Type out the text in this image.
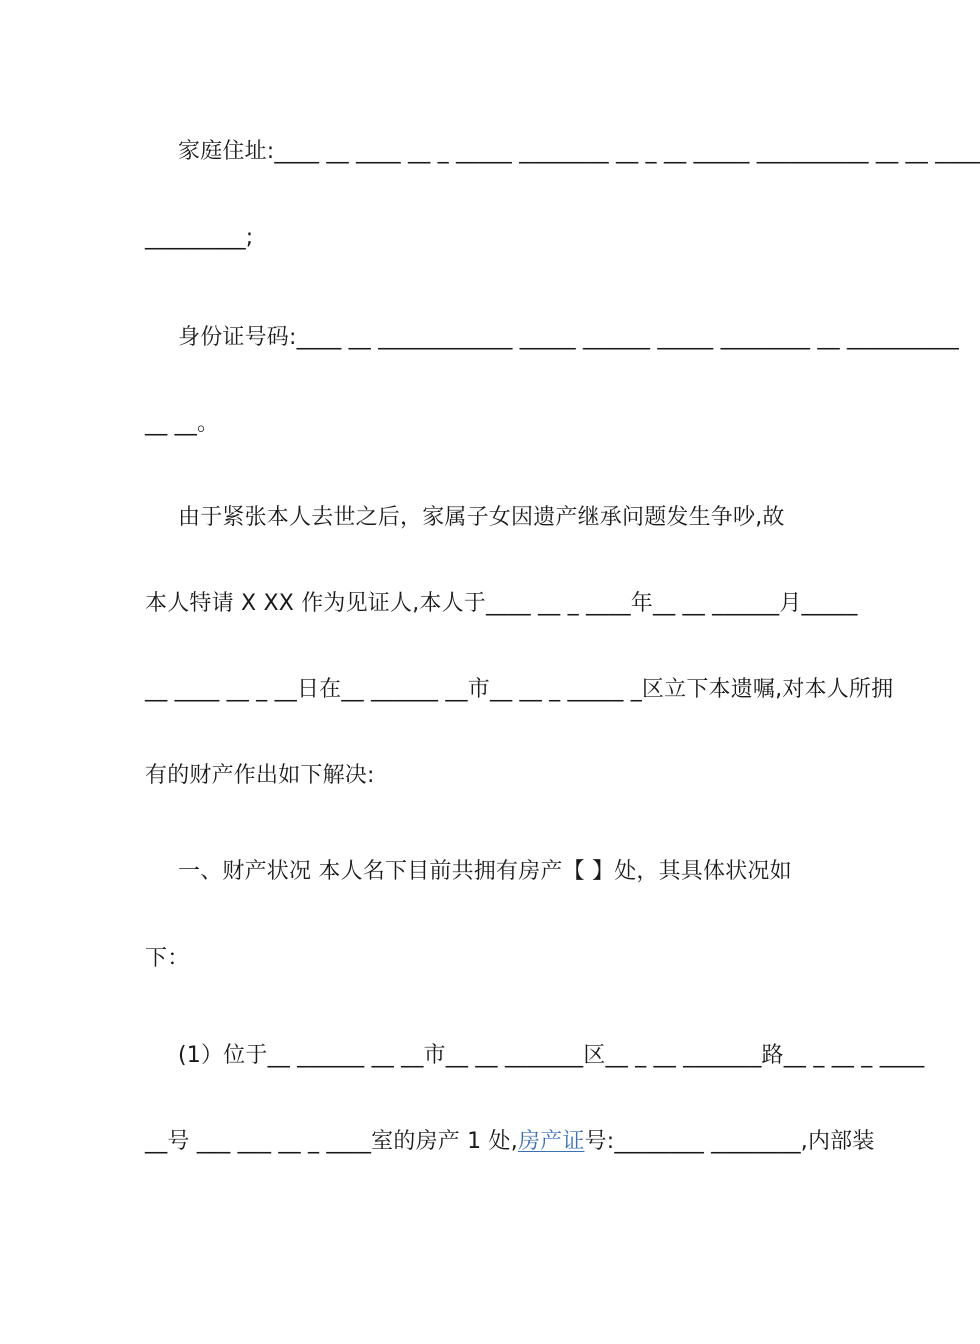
家庭住址:____ __ ____ __ _ _____ ________ __ _ __ _____ __________ __ __ ____
_________;
身份证号码:____ __ ____________ _____ ______ _____ ________ __ __________
__ __。
由于紧张本人去世之后，家属子女因遗产继承问题发生争吵,故
本人特请 X XX 作为见证人,本人于____ __ _ ____年__ __ ______月_____
__ ____ __ _ __日在__ ______ __市__ __ _ _____ _区立下本遗嘱,对本人所拥
有的财产作出如下解决:
一、财产状况 本人名下目前共拥有房产【 】处，其具体状况如
下：
(1）位于__ ______ __ __市__ __ _______区__ _ __ _______路__ _ __ _ ____
__号 ___ ___ __ _ ____室的房产 1 处,房产证号:________ ________,内部装
